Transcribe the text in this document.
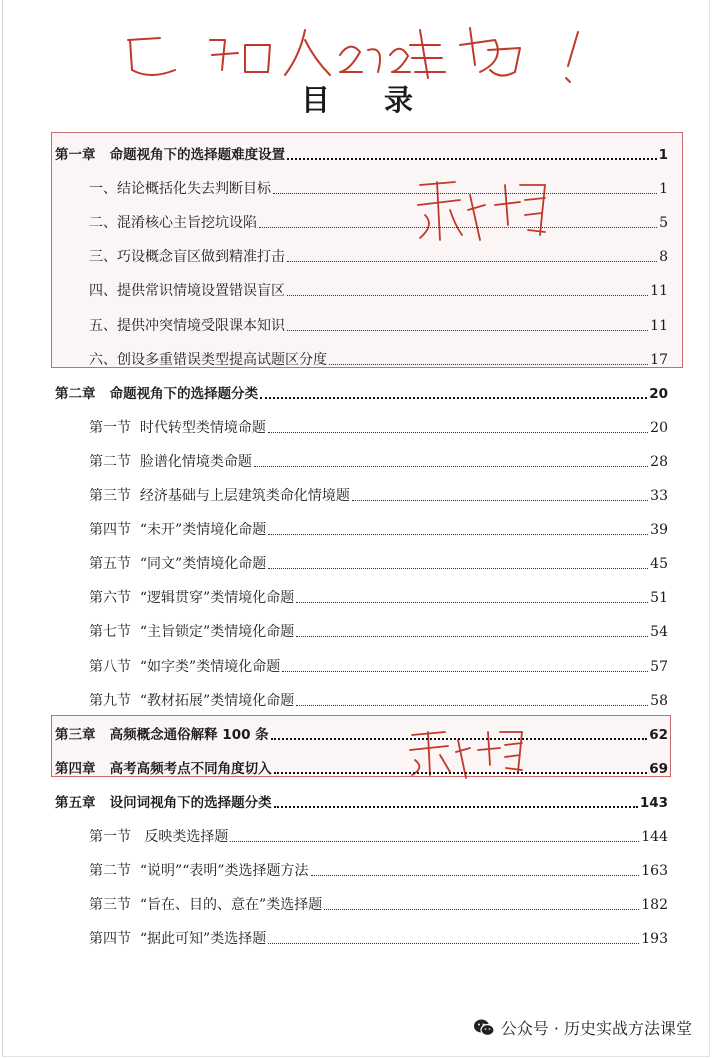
目 录
第一章   命题视角下的选择题难度设置	1
一、结论概括化失去判断目标	1
二、混淆核心主旨挖坑设陷	5
三、巧设概念盲区做到精准打击	8
四、提供常识情境设置错误盲区	11
五、提供冲突情境受限课本知识	11
六、创设多重错误类型提高试题区分度	17
第二章   命题视角下的选择题分类	20
第一节  时代转型类情境命题	20
第二节  脸谱化情境类命题	28
第三节  经济基础与上层建筑类命化情境题	33
第四节  “未开”类情境化命题	39
第五节  “同文”类情境化命题	45
第六节  “逻辑贯穿”类情境化命题	51
第七节  “主旨锁定”类情境化命题	54
第八节  “如字类”类情境化命题	57
第九节  “教材拓展”类情境化命题	58
第三章   高频概念通俗解释 100 条	62
第四章   高考高频考点不同角度切入	69
第五章   设问词视角下的选择题分类	143
第一节   反映类选择题	144
第二节  “说明”“表明”类选择题方法	163
第三节  “旨在、目的、意在”类选择题	182
第四节  “据此可知”类选择题	193
公众号 · 历史实战方法课堂
